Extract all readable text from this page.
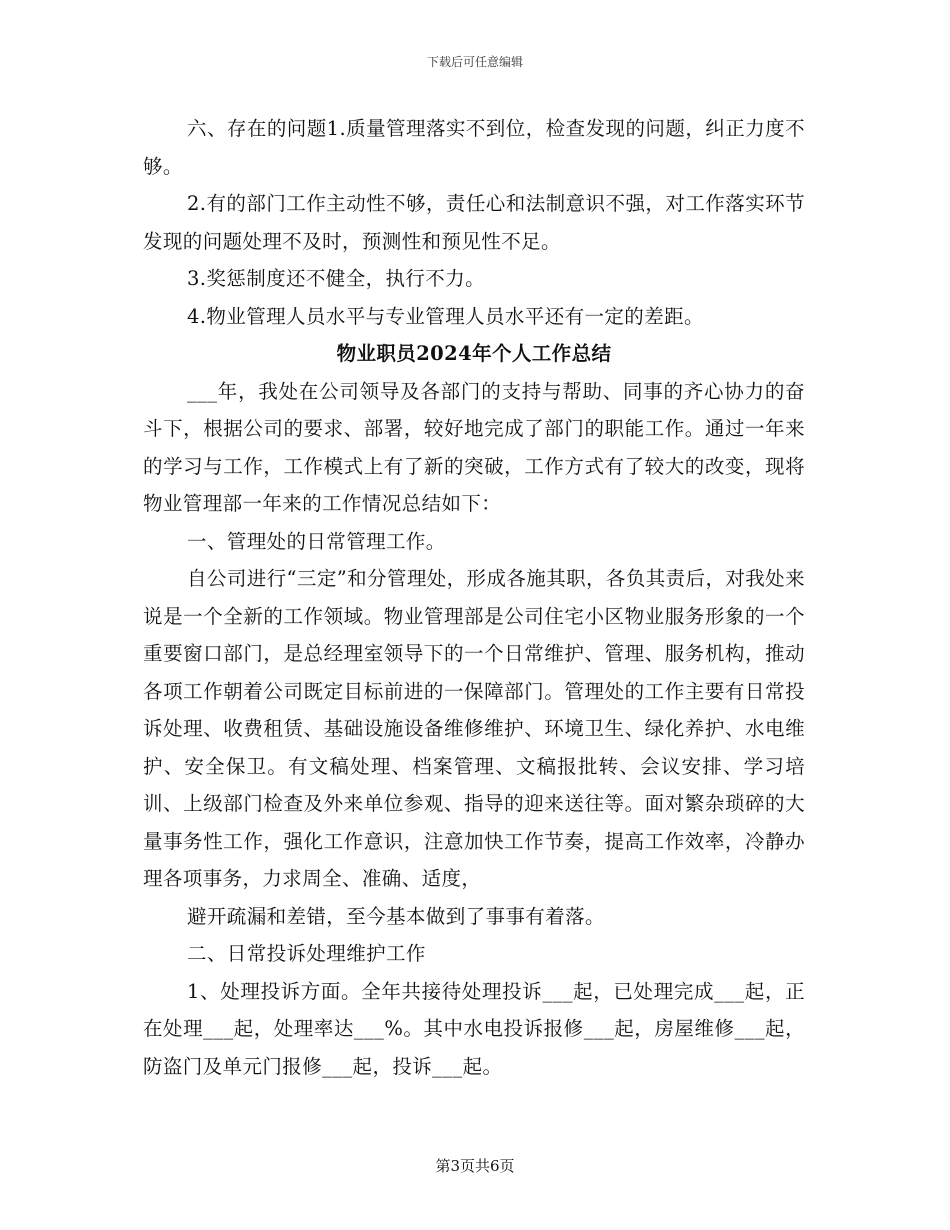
下载后可任意编辑

六、存在的问题1.质量管理落实不到位，检查发现的问题，纠正力度不够。

2.有的部门工作主动性不够，责任心和法制意识不强，对工作落实环节发现的问题处理不及时，预测性和预见性不足。

3.奖惩制度还不健全，执行不力。

4.物业管理人员水平与专业管理人员水平还有一定的差距。

物业职员2024年个人工作总结

___年，我处在公司领导及各部门的支持与帮助、同事的齐心协力的奋斗下，根据公司的要求、部署，较好地完成了部门的职能工作。通过一年来的学习与工作，工作模式上有了新的突破，工作方式有了较大的改变，现将物业管理部一年来的工作情况总结如下：

一、管理处的日常管理工作。

自公司进行“三定”和分管理处，形成各施其职，各负其责后，对我处来说是一个全新的工作领域。物业管理部是公司住宅小区物业服务形象的一个重要窗口部门，是总经理室领导下的一个日常维护、管理、服务机构，推动各项工作朝着公司既定目标前进的一保障部门。管理处的工作主要有日常投诉处理、收费租赁、基础设施设备维修维护、环境卫生、绿化养护、水电维护、安全保卫。有文稿处理、档案管理、文稿报批转、会议安排、学习培训、上级部门检查及外来单位参观、指导的迎来送往等。面对繁杂琐碎的大量事务性工作，强化工作意识，注意加快工作节奏，提高工作效率，冷静办理各项事务，力求周全、准确、适度，

避开疏漏和差错，至今基本做到了事事有着落。

二、日常投诉处理维护工作

1、处理投诉方面。全年共接待处理投诉___起，已处理完成___起，正在处理___起，处理率达___%。其中水电投诉报修___起，房屋维修___起，防盗门及单元门报修___起，投诉___起。

第3页共6页
